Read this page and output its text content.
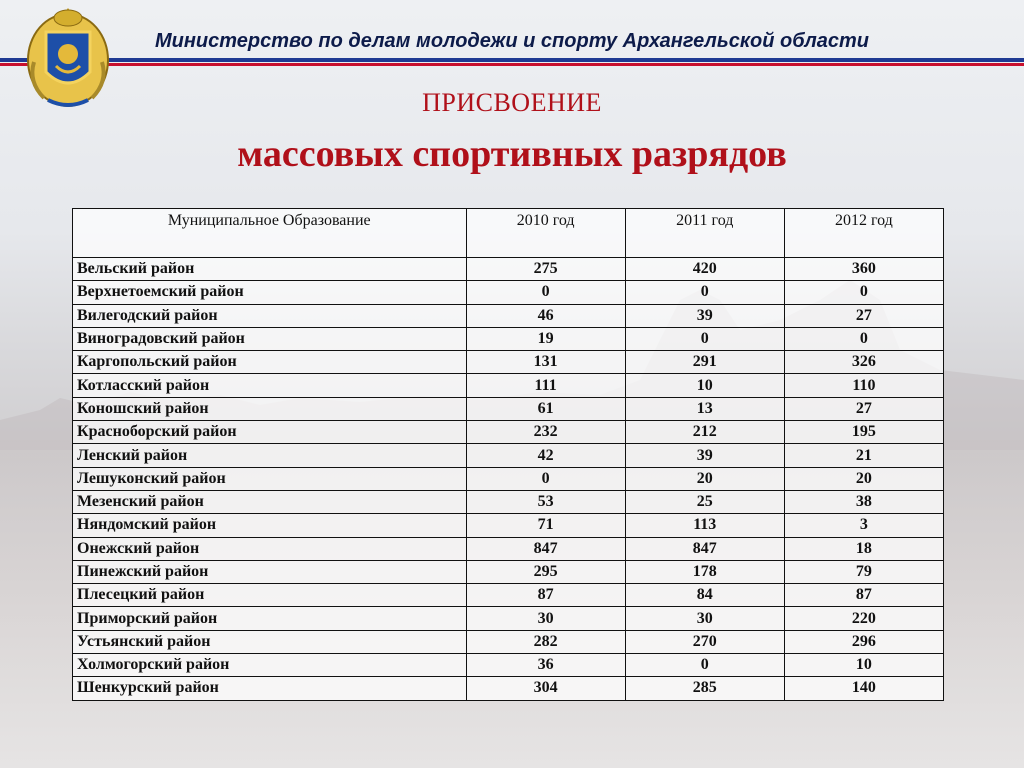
Министерство по делам молодежи и спорту Архангельской области
ПРИСВОЕНИЕ
массовых спортивных разрядов
Муниципальное Образование	2010 год	2011 год	2012 год
Вельский район	275	420	360
Верхнетоемский район	0	0	0
Вилегодский район	46	39	27
Виноградовский район	19	0	0
Каргопольский район	131	291	326
Котласский район	111	10	110
Коношский район	61	13	27
Красноборский район	232	212	195
Ленский район	42	39	21
Лешуконский район	0	20	20
Мезенский район	53	25	38
Няндомский район	71	113	3
Онежский район	847	847	18
Пинежский район	295	178	79
Плесецкий район	87	84	87
Приморский район	30	30	220
Устьянский район	282	270	296
Холмогорский район	36	0	10
Шенкурский район	304	285	140
